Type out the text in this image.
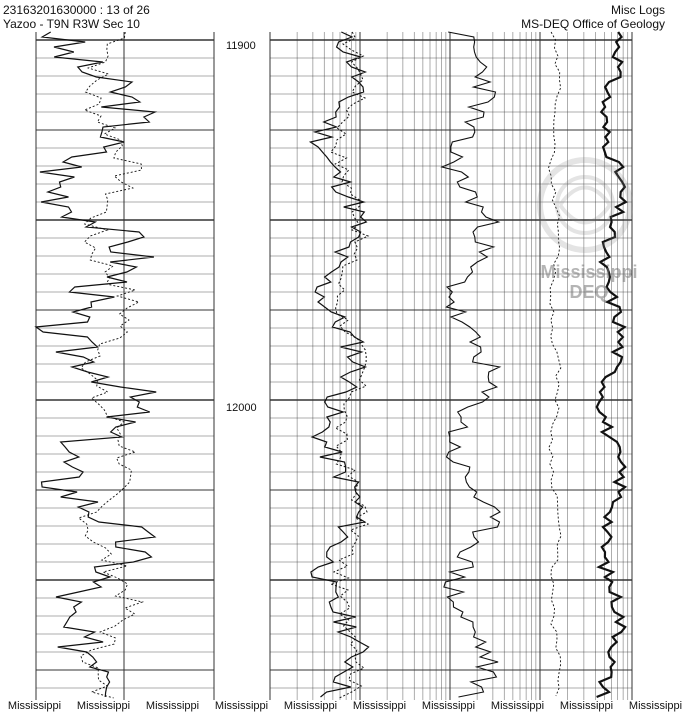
23163201630000 : 13 of 26
Yazoo - T9N R3W Sec 10
Misc Logs
MS-DEQ Office of Geology
11900
12000
Mississippi
DEQ
Mississippi	Mississippi	Mississippi	Mississippi	Mississippi	Mississippi	Mississippi	Mississippi	Mississippi	Mississippi
